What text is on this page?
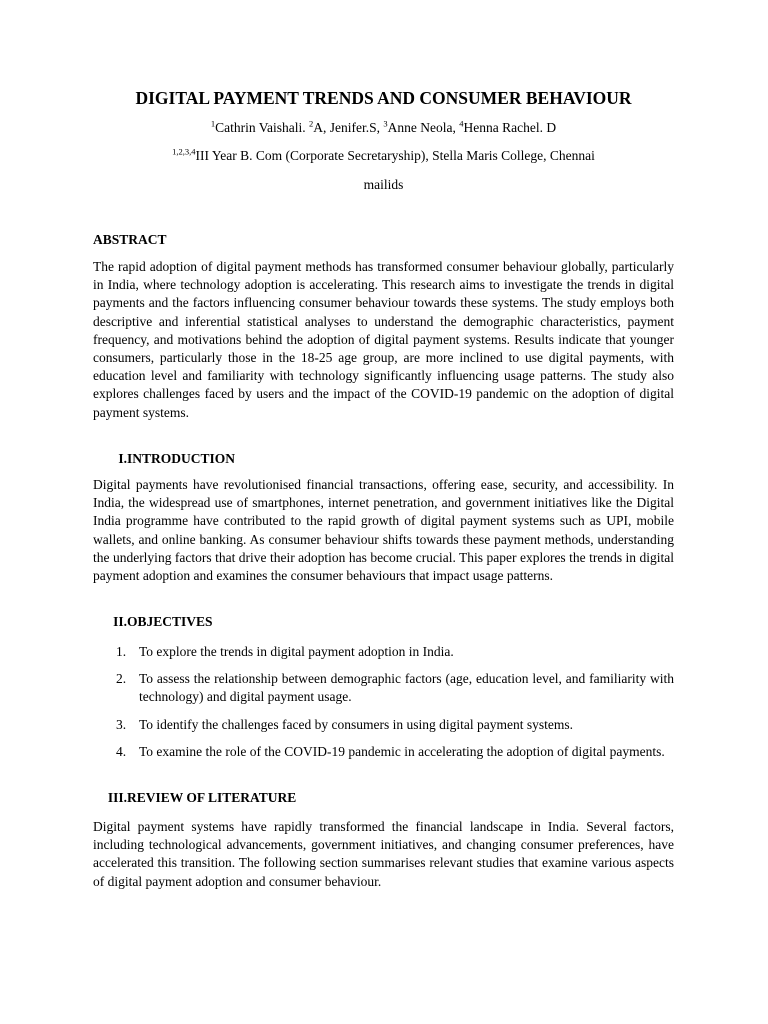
DIGITAL PAYMENT TRENDS AND CONSUMER BEHAVIOUR

$^1$Cathrin Vaishali. $^2$A, Jenifer.S, $^3$Anne Neola, $^4$Henna Rachel. D

$^{1,2,3,4}$III Year B. Com (Corporate Secretaryship), Stella Maris College, Chennai

mailids

ABSTRACT

The rapid adoption of digital payment methods has transformed consumer behaviour globally, particularly in India, where technology adoption is accelerating. This research aims to investigate the trends in digital payments and the factors influencing consumer behaviour towards these systems. The study employs both descriptive and inferential statistical analyses to understand the demographic characteristics, payment frequency, and motivations behind the adoption of digital payment systems. Results indicate that younger consumers, particularly those in the 18-25 age group, are more inclined to use digital payments, with education level and familiarity with technology significantly influencing usage patterns. The study also explores challenges faced by users and the impact of the COVID-19 pandemic on the adoption of digital payment systems.

I. INTRODUCTION

Digital payments have revolutionised financial transactions, offering ease, security, and accessibility. In India, the widespread use of smartphones, internet penetration, and government initiatives like the Digital India programme have contributed to the rapid growth of digital payment systems such as UPI, mobile wallets, and online banking. As consumer behaviour shifts towards these payment methods, understanding the underlying factors that drive their adoption has become crucial. This paper explores the trends in digital payment adoption and examines the consumer behaviours that impact usage patterns.

II. OBJECTIVES
1. To explore the trends in digital payment adoption in India.
2. To assess the relationship between demographic factors (age, education level, and familiarity with technology) and digital payment usage.
3. To identify the challenges faced by consumers in using digital payment systems.
4. To examine the role of the COVID-19 pandemic in accelerating the adoption of digital payments.
III. REVIEW OF LITERATURE

Digital payment systems have rapidly transformed the financial landscape in India. Several factors, including technological advancements, government initiatives, and changing consumer preferences, have accelerated this transition. The following section summarises relevant studies that examine various aspects of digital payment adoption and consumer behaviour.
